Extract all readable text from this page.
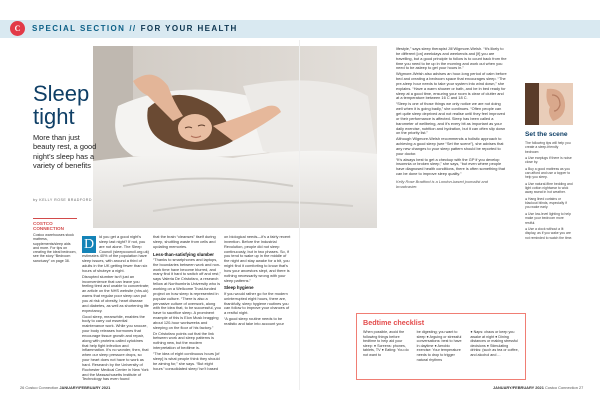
C	SPECIAL SECTION // FOR YOUR HEALTH
Sleep
tight
More than just beauty rest, a good night’s sleep has a variety of benefits
by KELLY ROSE BRADFORD
COSTCO
CONNECTION
Costco warehouses stock mattress, supplements/sleep aids and more. For tips on creating the ideal bedroom, see the story “Bedroom sanctuary” on page 38.

D
id you get a good night’s sleep last night? If not, you are not alone. The Sleep Council (sleepcouncil.org.uk) estimates 40% of the population have sleep issues, with around a third of adults in the UK getting fewer than six hours of shuteye a night.

Disrupted slumber isn’t just an inconvenience that can leave you feeling tired and unable to concentrate; an article on the NHS website (nhs.uk) warns that regular poor sleep can put you at risk of obesity, heart disease and diabetes, as well as shortening life expectancy.

Good sleep, meanwhile, enables the body to carry out essential maintenance work. While you snooze, your body releases hormones that encourage tissue growth and repair, along with proteins called cytokines that help fight infection and inflammation. It’s no wonder, then, that when our sleep pressure drops, so your heart does not have to work as hard. Research by the University of Rochester Medical Center in New York and the Massachusetts Institute of Technology has even found

that the brain “cleanses” itself during sleep, shuttling waste from cells and updating memories.

Less-than-satisfying slumber

“Thanks to smartphones and laptops, the boundaries between work and non-work time have become blurred, and many find it hard to switch off and rest,” says Valeria De Cristofaro, a research fellow at Northumbria University who is working on a Wellcome Trust-funded project on how sleep is represented in popular culture. “There is also a pervasive culture of overwork, along with the idea that, to be successful, you have to sacrifice sleep. A prominent example of this is Elon Musk bragging about 120-hour workweeks and sleeping on the floor of his factory.”

Dr Cristofaro points out that the link between work and sleep patterns is nothing new, but the modern interpretation of bedtime is.

“The idea of eight continuous hours [of sleep] is what people think they should be aiming for,” she says. “But eight hours’ ‘consolidated sleep’ isn’t based

on biological needs—it’s a fairly recent invention. Before the Industrial Revolution, people did not sleep continuously, but in two phases. So, if you tend to wake up in the middle of the night and stay awake for a bit, you might find it comforting to know that’s how your ancestors slept, and there is nothing necessarily wrong with your sleep patterns.”

Sleep hygiene

If you would rather go for the modern uninterrupted eight hours, there are, thankfully, sleep hygiene routines you can follow to improve your chances of a restful night.

“A good sleep routine needs to be realistic and take into account your

lifestyle,” says sleep therapist Jill Wigmore-Welsh. “It’s likely to be different [on] weekdays and weekends and [if] you are travelling, but a good principle to follow is to count back from the time you need to be up in the morning and work out when you need to be asleep to get your hours in.”

Wigmore-Welsh also advises an hour-long period of calm before bed and creating a bedroom space that encourages sleep. “The pre-sleep hour needs to take your system into wind down,” she explains. “Have a warm shower or bath, and be in bed ready for sleep at a good time, ensuring your room is clear of clutter and at a temperature between 16 C and 18 C.

“Sleep is one of those things we only notice we are not doing well when it is going badly,” she continues. “Often people can get quite sleep deprived and not realise until they feel improved or their performance is affected. Sleep has been called a barometer of wellbeing, and it’s every bit as important as your daily exercise, nutrition and hydration, but it can often slip down on the priority list.”

Although Wigmore-Welsh recommends a holistic approach to achieving a good sleep (see “Set the scene”), she advises that any new changes to your sleep pattern should be reported to your doctor.

“It’s always best to get a checkup with the GP if you develop insomnia or broken sleep,” she says, “but even where people have diagnosed health conditions, there is often something that can be done to improve sleep quality.”

Kelly Rose Bradford is a London-based journalist and broadcaster.

Bedtime checklist
When possible, avoid the following things before bedtime to help aid your sleep: ● Screens: phones, tablets, TV ● Eating: You do not want to
be digesting; you want to sleep ● Arguing or stressful conversations: best to have in daytime ● Aerobic exercise: Your temperature needs to drop to trigger natural rhythms
● Naps: chaos or keep you awake at night ● Dining distances or making stressful decisions ● Stimulating drinks: (such as tea or coffee, and alcohol and ...
Set the scene

The following tips will help you create a sleep-friendly bedroom:

● Use earplugs if there is noise close by.

● Buy a good mattress as you can afford and use a topper to help you sleep.

● Use natural-fibre bedding and light cotton nightwear to wick away sweat in hot weather.

● Hang lined curtains or blackout blinds, especially if you wake early.

● Use low-level lighting to help make your bedroom more restful.

● Use a clock without a lit display, as if you wake you are not reminded to watch the time.

26 Costco Connection JANUARY/FEBRUARY 2021	JANUARY/FEBRUARY 2021 Costco Connection 27
